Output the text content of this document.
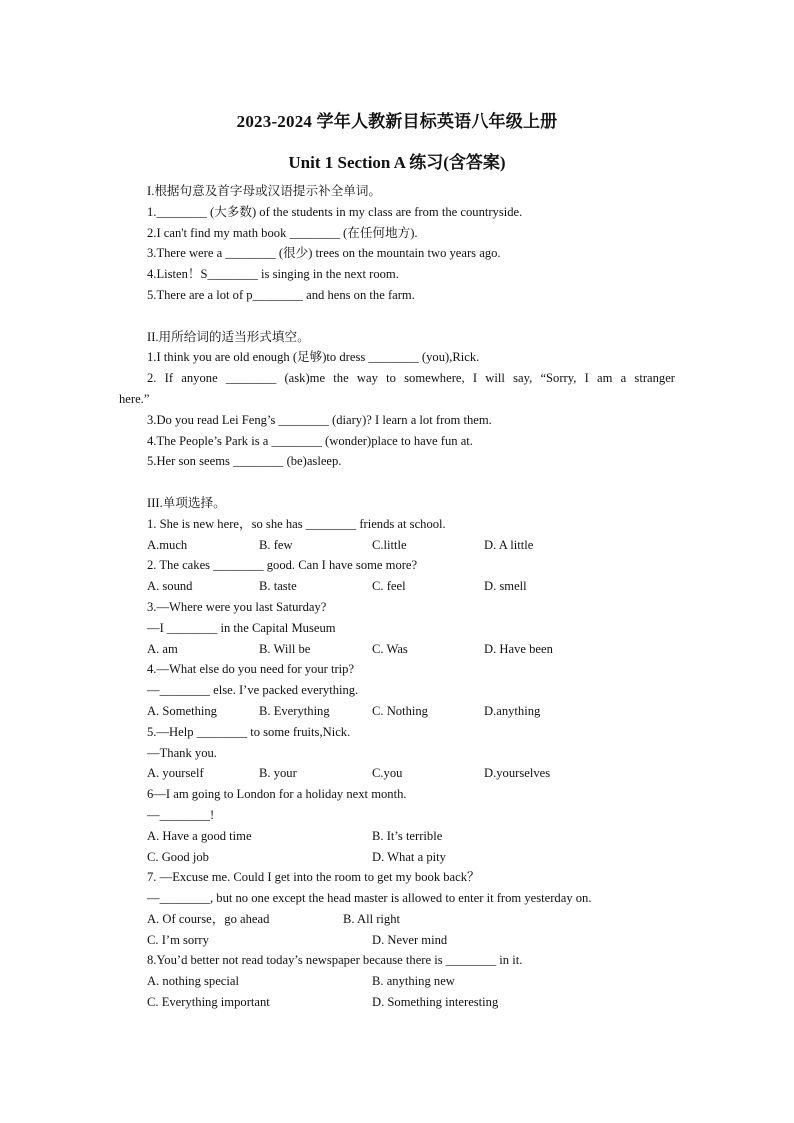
2023-2024 学年人教新目标英语八年级上册
Unit 1 Section A 练习(含答案)
I.根据句意及首字母或汉语提示补全单词。
1.________ (大多数) of the students in my class are from the countryside.
2.I can't find my math book ________ (在任何地方).
3.There were a ________ (很少) trees on the mountain two years ago.
4.Listen！S________ is singing in the next room.
5.There are a lot of p________ and hens on the farm.
II.用所给词的适当形式填空。
1.I think you are old enough (足够)to dress ________ (you),Rick.
2. If anyone ________ (ask)me the way to somewhere, I will say, “Sorry, I am a stranger
here.”
3.Do you read Lei Feng’s ________ (diary)? I learn a lot from them.
4.The People’s Park is a ________ (wonder)place to have fun at.
5.Her son seems ________ (be)asleep.
III.单项选择。
1. She is new here，so she has ________ friends at school.
A.much	B. few	C.little	D. A little
2. The cakes ________ good. Can I have some more?
A. sound	B. taste	C. feel	D. smell
3.—Where were you last Saturday?
—I ________ in the Capital Museum
A. am	B. Will be	C. Was	D. Have been
4.—What else do you need for your trip?
—________ else. I’ve packed everything.
A. Something	B. Everything	C. Nothing	D.anything
5.—Help ________ to some fruits,Nick.
—Thank you.
A. yourself	B. your	C.you	D.yourselves
6—I am going to London for a holiday next month.
—________!
A. Have a good time	B. It’s terrible
C. Good job	D. What a pity
7. —Excuse me. Could I get into the room to get my book back？
—________, but no one except the head master is allowed to enter it from yesterday on.
A. Of course，go ahead	B. All right
C. I’m sorry	D. Never mind
8.You’d better not read today’s newspaper because there is ________ in it.
A. nothing special	B. anything new
C. Everything important	D. Something interesting
